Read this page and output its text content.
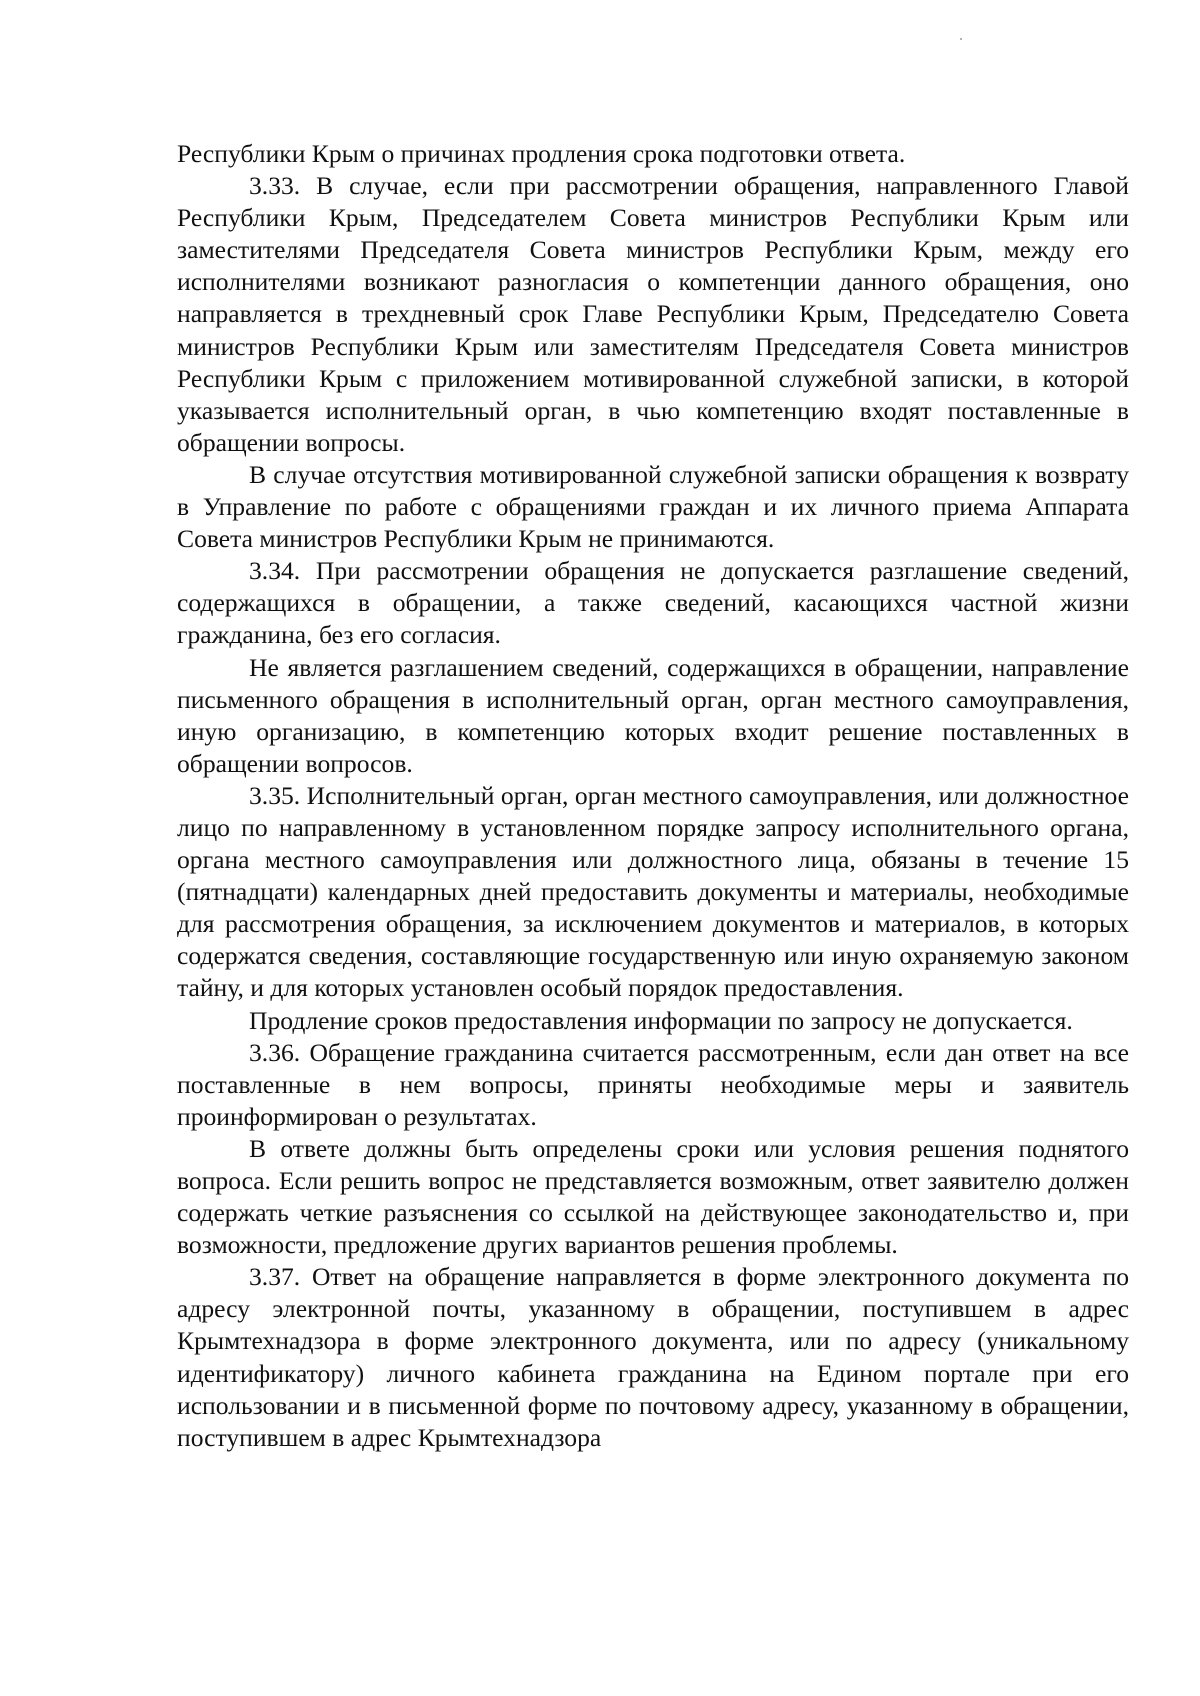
Республики Крым о причинах продления срока подготовки ответа.

3.33. В случае, если при рассмотрении обращения, направленного Главой Республики Крым, Председателем Совета министров Республики Крым или заместителями Председателя Совета министров Республики Крым, между его исполнителями возникают разногласия о компетенции данного обращения, оно направляется в трехдневный срок Главе Республики Крым, Председателю Совета министров Республики Крым или заместителям Председателя Совета министров Республики Крым с приложением мотивированной служебной записки, в которой указывается исполнительный орган, в чью компетенцию входят поставленные в обращении вопросы.

В случае отсутствия мотивированной служебной записки обращения к возврату в Управление по работе с обращениями граждан и их личного приема Аппарата Совета министров Республики Крым не принимаются.

3.34. При рассмотрении обращения не допускается разглашение сведений, содержащихся в обращении, а также сведений, касающихся частной жизни гражданина, без его согласия.

Не является разглашением сведений, содержащихся в обращении, направление письменного обращения в исполнительный орган, орган местного самоуправления, иную организацию, в компетенцию которых входит решение поставленных в обращении вопросов.

3.35. Исполнительный орган, орган местного самоуправления, или должностное лицо по направленному в установленном порядке запросу исполнительного органа, органа местного самоуправления или должностного лица, обязаны в течение 15 (пятнадцати) календарных дней предоставить документы и материалы, необходимые для рассмотрения обращения, за исключением документов и материалов, в которых содержатся сведения, составляющие государственную или иную охраняемую законом тайну, и для которых установлен особый порядок предоставления.

Продление сроков предоставления информации по запросу не допускается.

3.36. Обращение гражданина считается рассмотренным, если дан ответ на все поставленные в нем вопросы, приняты необходимые меры и заявитель проинформирован о результатах.

В ответе должны быть определены сроки или условия решения поднятого вопроса. Если решить вопрос не представляется возможным, ответ заявителю должен содержать четкие разъяснения со ссылкой на действующее законодательство и, при возможности, предложение других вариантов решения проблемы.

3.37. Ответ на обращение направляется в форме электронного документа по адресу электронной почты, указанному в обращении, поступившем в адрес Крымтехнадзора в форме электронного документа, или по адресу (уникальному идентификатору) личного кабинета гражданина на Едином портале при его использовании и в письменной форме по почтовому адресу, указанному в обращении, поступившем в адрес Крымтехнадзора
